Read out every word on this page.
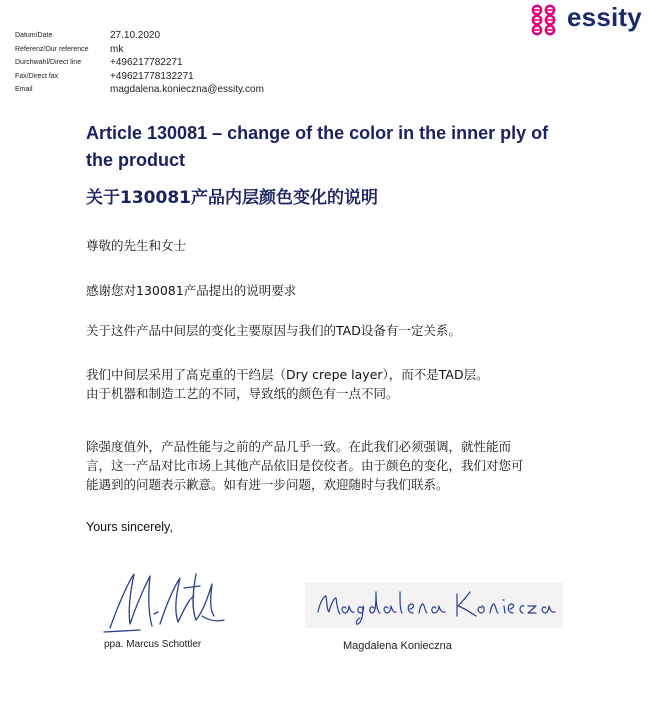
Datum/Date	27.10.2020
Referenz/Our reference mk
Durchwahl/Direct line	+496217782271
Fax/Direct fax	+49621778132271
Email	magdalena.konieczna@essity.com
essity
Article 130081 – change of the color in the inner ply of the product
关于130081产品内层颜色变化的说明
尊敬的先生和女士
感谢您对130081产品提出的说明要求
关于这件产品中间层的变化主要原因与我们的TAD设备有一定关系。
我们中间层采用了高克重的干绉层（Dry crepe layer），而不是TAD层。
由于机器和制造工艺的不同，导致纸的颜色有一点不同。
除强度值外，产品性能与之前的产品几乎一致。在此我们必须强调，就性能而言，这一产品对比市场上其他产品依旧是佼佼者。由于颜色的变化，我们对您可能遇到的问题表示歉意。如有进一步问题，欢迎随时与我们联系。
Yours sincerely,
ppa. Marcus Schottler	Magdalena Konieczna
